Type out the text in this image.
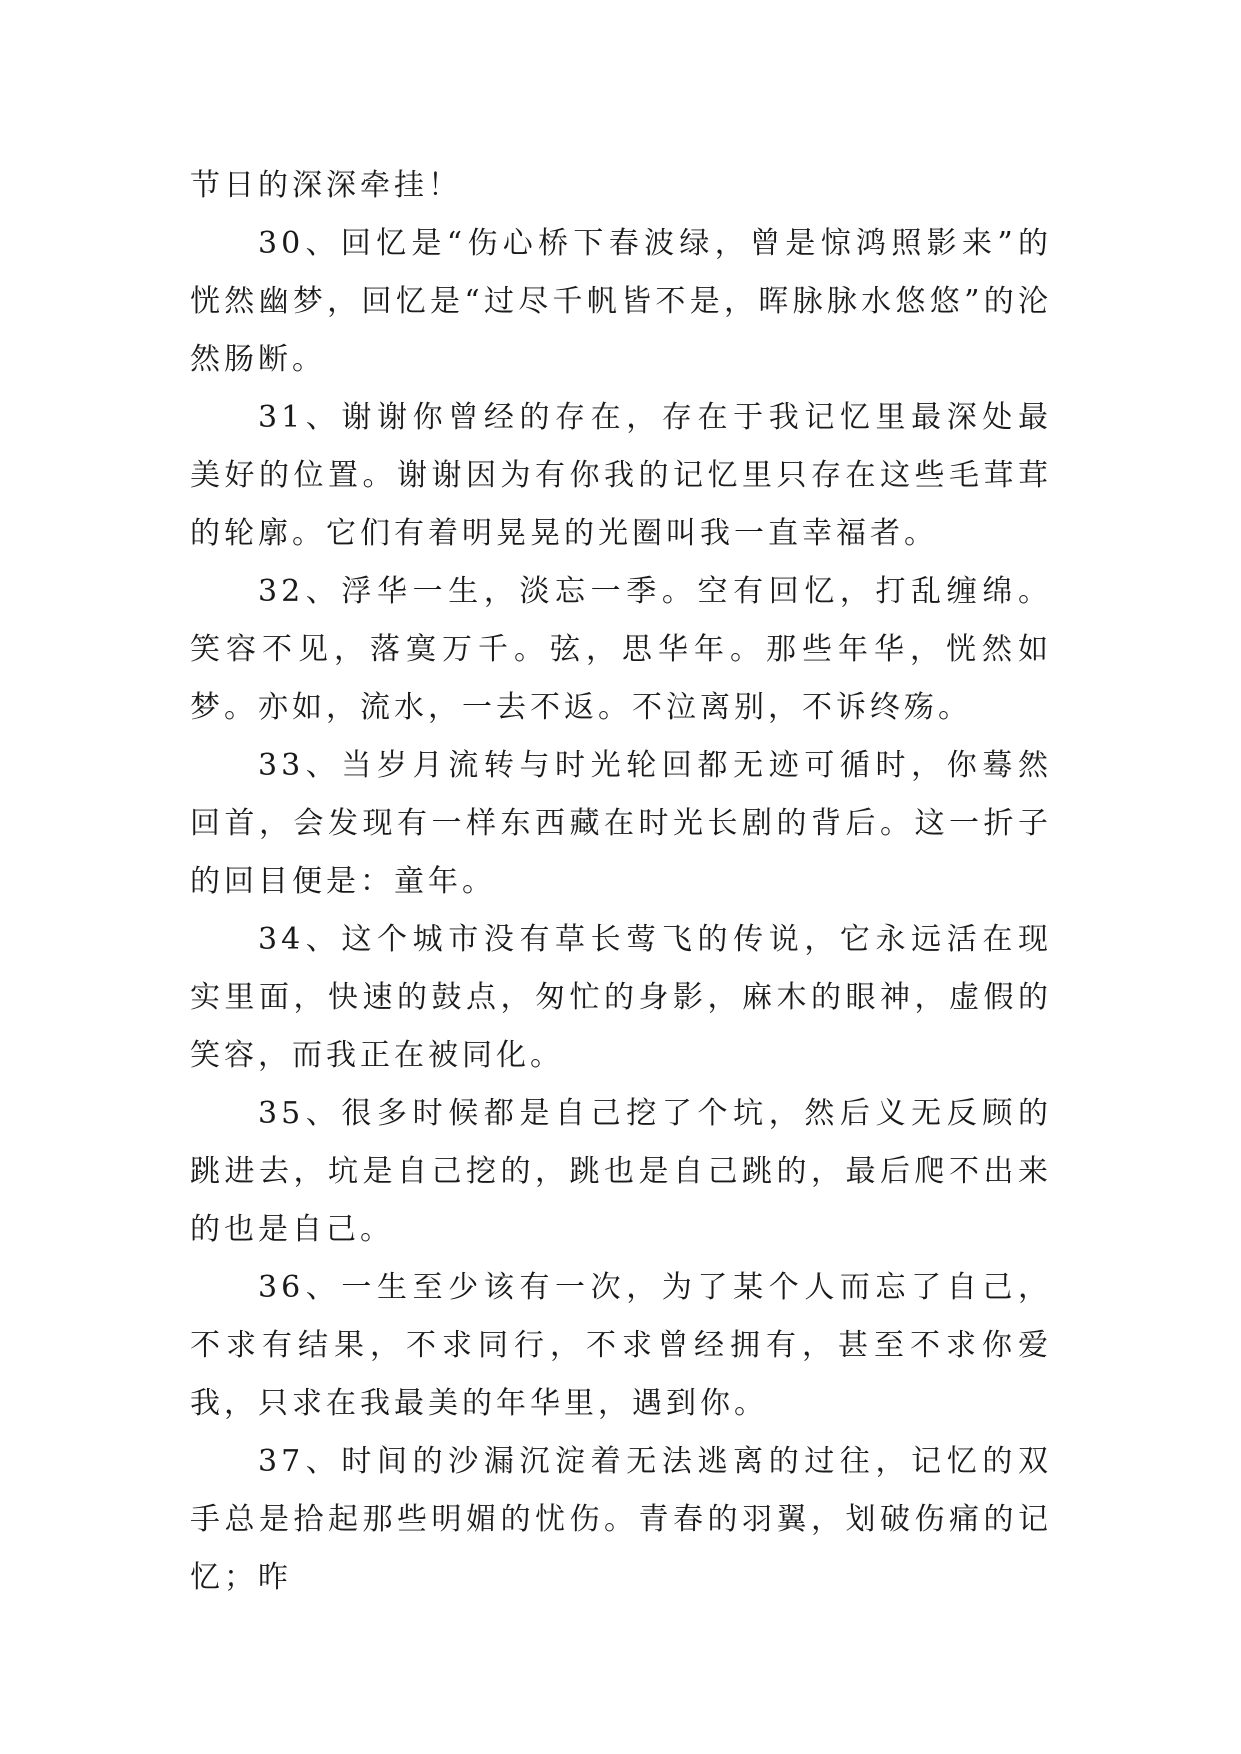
节日的深深牵挂！

30、回忆是“伤心桥下春波绿，曾是惊鸿照影来”的恍然幽梦，回忆是“过尽千帆皆不是，晖脉脉水悠悠”的沦然肠断。

31、谢谢你曾经的存在，存在于我记忆里最深处最美好的位置。谢谢因为有你我的记忆里只存在这些毛茸茸的轮廓。它们有着明晃晃的光圈叫我一直幸福者。

32、浮华一生，淡忘一季。空有回忆，打乱缠绵。笑容不见，落寞万千。弦，思华年。那些年华，恍然如梦。亦如，流水，一去不返。不泣离别，不诉终殇。

33、当岁月流转与时光轮回都无迹可循时，你蓦然回首，会发现有一样东西藏在时光长剧的背后。这一折子的回目便是：童年。

34、这个城市没有草长莺飞的传说，它永远活在现实里面，快速的鼓点，匆忙的身影，麻木的眼神，虚假的笑容，而我正在被同化。

35、很多时候都是自己挖了个坑，然后义无反顾的跳进去，坑是自己挖的，跳也是自己跳的，最后爬不出来的也是自己。

36、一生至少该有一次，为了某个人而忘了自己，不求有结果，不求同行，不求曾经拥有，甚至不求你爱我，只求在我最美的年华里，遇到你。

37、时间的沙漏沉淀着无法逃离的过往，记忆的双手总是拾起那些明媚的忧伤。青春的羽翼，划破伤痛的记忆；昨
